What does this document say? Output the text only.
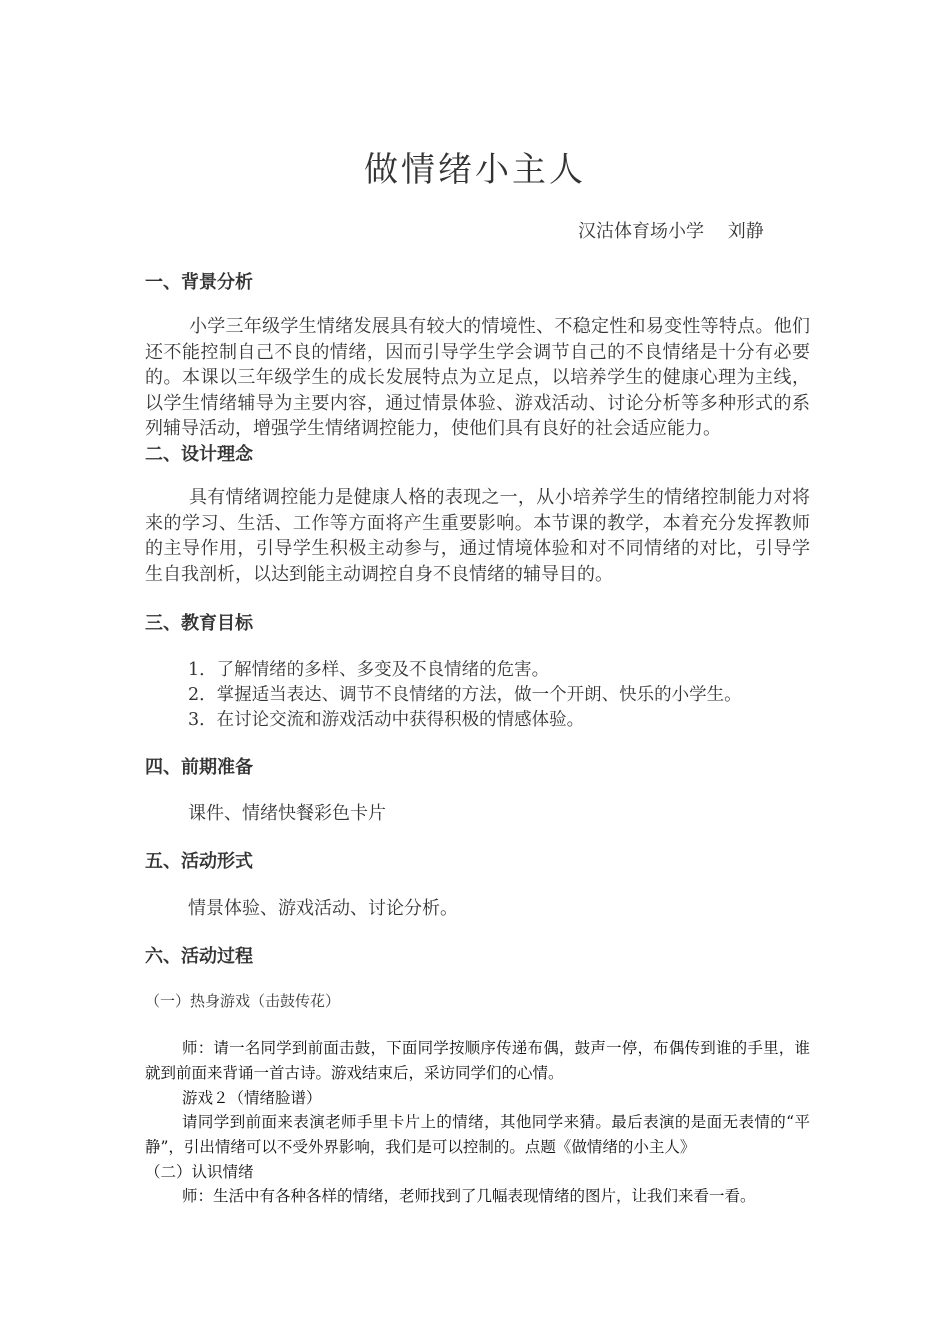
做情绪小主人
汉沽体育场小学　 刘静
一、背景分析

小学三年级学生情绪发展具有较大的情境性、不稳定性和易变性等特点。他们还不能控制自己不良的情绪，因而引导学生学会调节自己的不良情绪是十分有必要的。本课以三年级学生的成长发展特点为立足点，以培养学生的健康心理为主线，以学生情绪辅导为主要内容，通过情景体验、游戏活动、讨论分析等多种形式的系列辅导活动，增强学生情绪调控能力，使他们具有良好的社会适应能力。

二、设计理念

具有情绪调控能力是健康人格的表现之一，从小培养学生的情绪控制能力对将来的学习、生活、工作等方面将产生重要影响。本节课的教学，本着充分发挥教师的主导作用，引导学生积极主动参与，通过情境体验和对不同情绪的对比，引导学生自我剖析，以达到能主动调控自身不良情绪的辅导目的。

三、教育目标
1．了解情绪的多样、多变及不良情绪的危害。
2．掌握适当表达、调节不良情绪的方法，做一个开朗、快乐的小学生。
3．在讨论交流和游戏活动中获得积极的情感体验。
四、前期准备
课件、情绪快餐彩色卡片
五、活动形式
情景体验、游戏活动、讨论分析。
六、活动过程
（一）热身游戏（击鼓传花）

师：请一名同学到前面击鼓，下面同学按顺序传递布偶，鼓声一停，布偶传到谁的手里，谁就到前面来背诵一首古诗。游戏结束后，采访同学们的心情。

游戏２（情绪脸谱）

请同学到前面来表演老师手里卡片上的情绪，其他同学来猜。最后表演的是面无表情的“平静”，引出情绪可以不受外界影响，我们是可以控制的。点题《做情绪的小主人》

（二）认识情绪

师：生活中有各种各样的情绪，老师找到了几幅表现情绪的图片，让我们来看一看。
